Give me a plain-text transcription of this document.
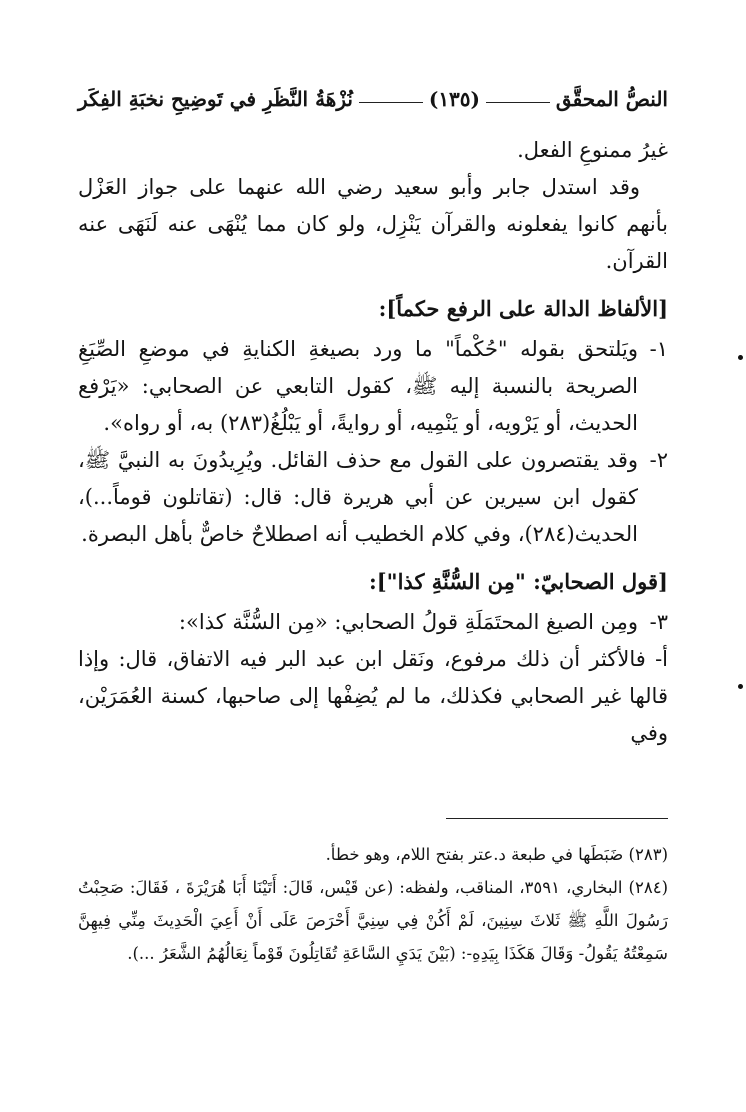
النصُّ المحقَّق
(١٣٥)
نُزْهَةُ النَّظَرِ في تَوضِيحِ نخبَةِ الفِكَر

غيرُ ممنوعِ الفعل.

وقد استدل جابر وأبو سعيد رضي الله عنهما على جواز العَزْل بأنهم كانوا يفعلونه والقرآن يَنْزِل، ولو كان مما يُنْهَى عنه لَنَهَى عنه القرآن.

[الألفاظ الدالة على الرفع حكماً]:

١-ويَلتحق بقوله "حُكْماً" ما ورد بصيغةِ الكنايةِ في موضعِ الصِّيَغِ الصريحة بالنسبة إليه ﷺ، كقول التابعي عن الصحابي: «يَرْفع الحديث، أو يَرْويه، أو يَنْمِيه، أو روايةً، أو يَبْلُغُ(٢٨٣) به، أو رواه».

٢-وقد يقتصرون على القول مع حذف القائل. ويُرِيدُونَ به النبيَّ ﷺ، كقول ابن سيرين عن أبي هريرة قال: قال: (تقاتلون قوماً...)، الحديث(٢٨٤)، وفي كلام الخطيب أنه اصطلاحٌ خاصٌّ بأهل البصرة.

[قول الصحابيّ: "مِن السُّنَّةِ كذا"]:

٣-ومِن الصيغ المحتَمَلَةِ قولُ الصحابي: «مِن السُّنَّة كذا»:

أ- فالأكثر أن ذلك مرفوع، ونَقل ابن عبد البر فيه الاتفاق، قال: وإذا قالها غير الصحابي فكذلك، ما لم يُضِفْها إلى صاحبها، كسنة العُمَرَيْن، وفي

(٢٨٣) ضَبَطَها في طبعة د.عتر بفتح اللام، وهو خطأ.

(٢٨٤) البخاري، ٣٥٩١، المناقب، ولفظه: (عن قَيْس، قَالَ: أَتَيْنَا أَبَا هُرَيْرَةَ ، فَقَالَ: صَحِبْتُ رَسُولَ اللَّهِ ﷺ ثَلاثَ سِنِينَ، لَمْ أَكُنْ فِي سِنِيَّ أَحْرَصَ عَلَى أَنْ أَعِيَ الْحَدِيثَ مِنِّي فِيهِنَّ سَمِعْتُهُ يَقُولُ- وَقَالَ هَكَذَا بِيَدِهِ-: (بَيْنَ يَدَيِ السَّاعَةِ تُقَاتِلُونَ قَوْماً نِعَالُهُمُ الشَّعَرُ ...).
